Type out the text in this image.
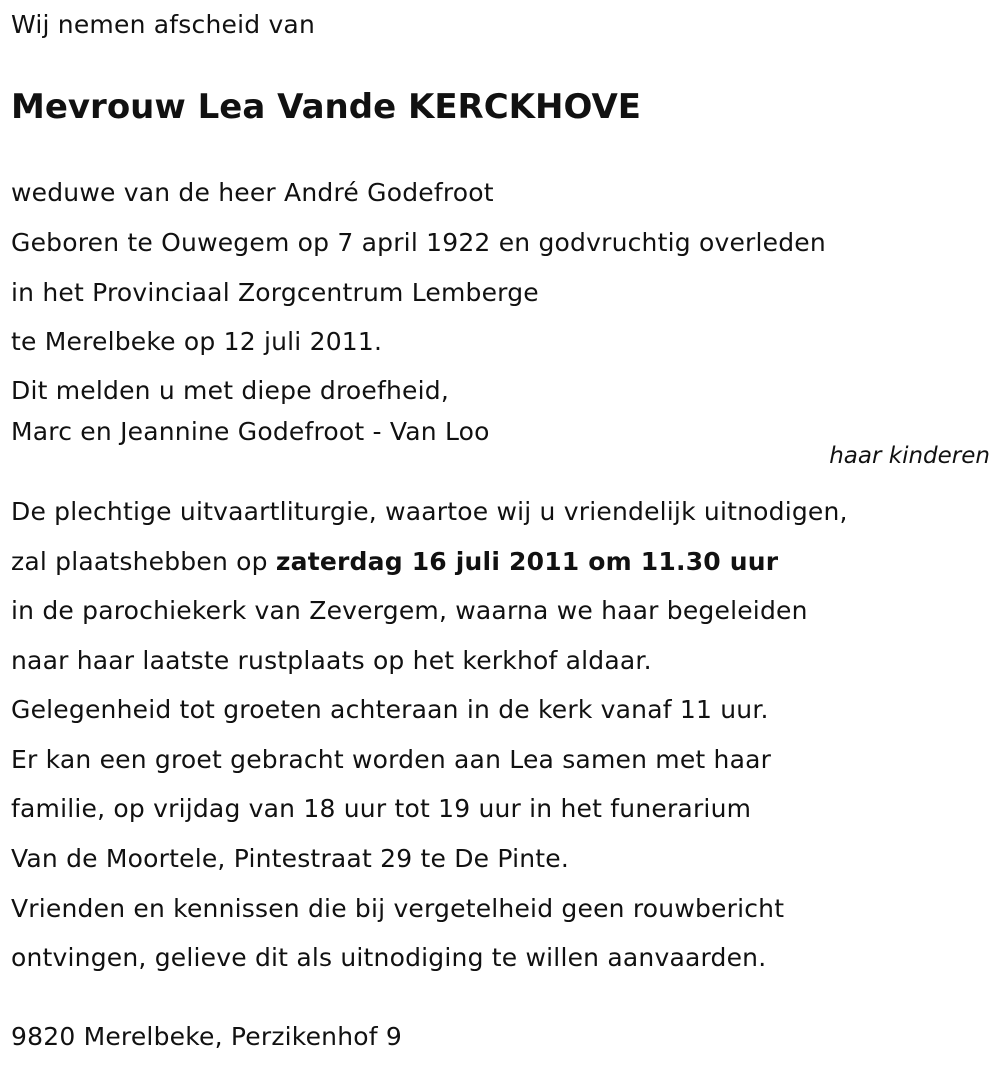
Wij nemen afscheid van
Mevrouw Lea Vande KERCKHOVE
weduwe van de heer André Godefroot
Geboren te Ouwegem op 7 april 1922 en godvruchtig overleden
in het Provinciaal Zorgcentrum Lemberge
te Merelbeke op 12 juli 2011.
Dit melden u met diepe droefheid,
Marc en Jeannine Godefroot - Van Loo
haar kinderen
De plechtige uitvaartliturgie, waartoe wij u vriendelijk uitnodigen,
zal plaatshebben op zaterdag 16 juli 2011 om 11.30 uur
in de parochiekerk van Zevergem, waarna we haar begeleiden
naar haar laatste rustplaats op het kerkhof aldaar.
Gelegenheid tot groeten achteraan in de kerk vanaf 11 uur.
Er kan een groet gebracht worden aan Lea samen met haar
familie, op vrijdag van 18 uur tot 19 uur in het funerarium
Van de Moortele, Pintestraat 29 te De Pinte.
Vrienden en kennissen die bij vergetelheid geen rouwbericht
ontvingen, gelieve dit als uitnodiging te willen aanvaarden.
9820 Merelbeke, Perzikenhof 9
